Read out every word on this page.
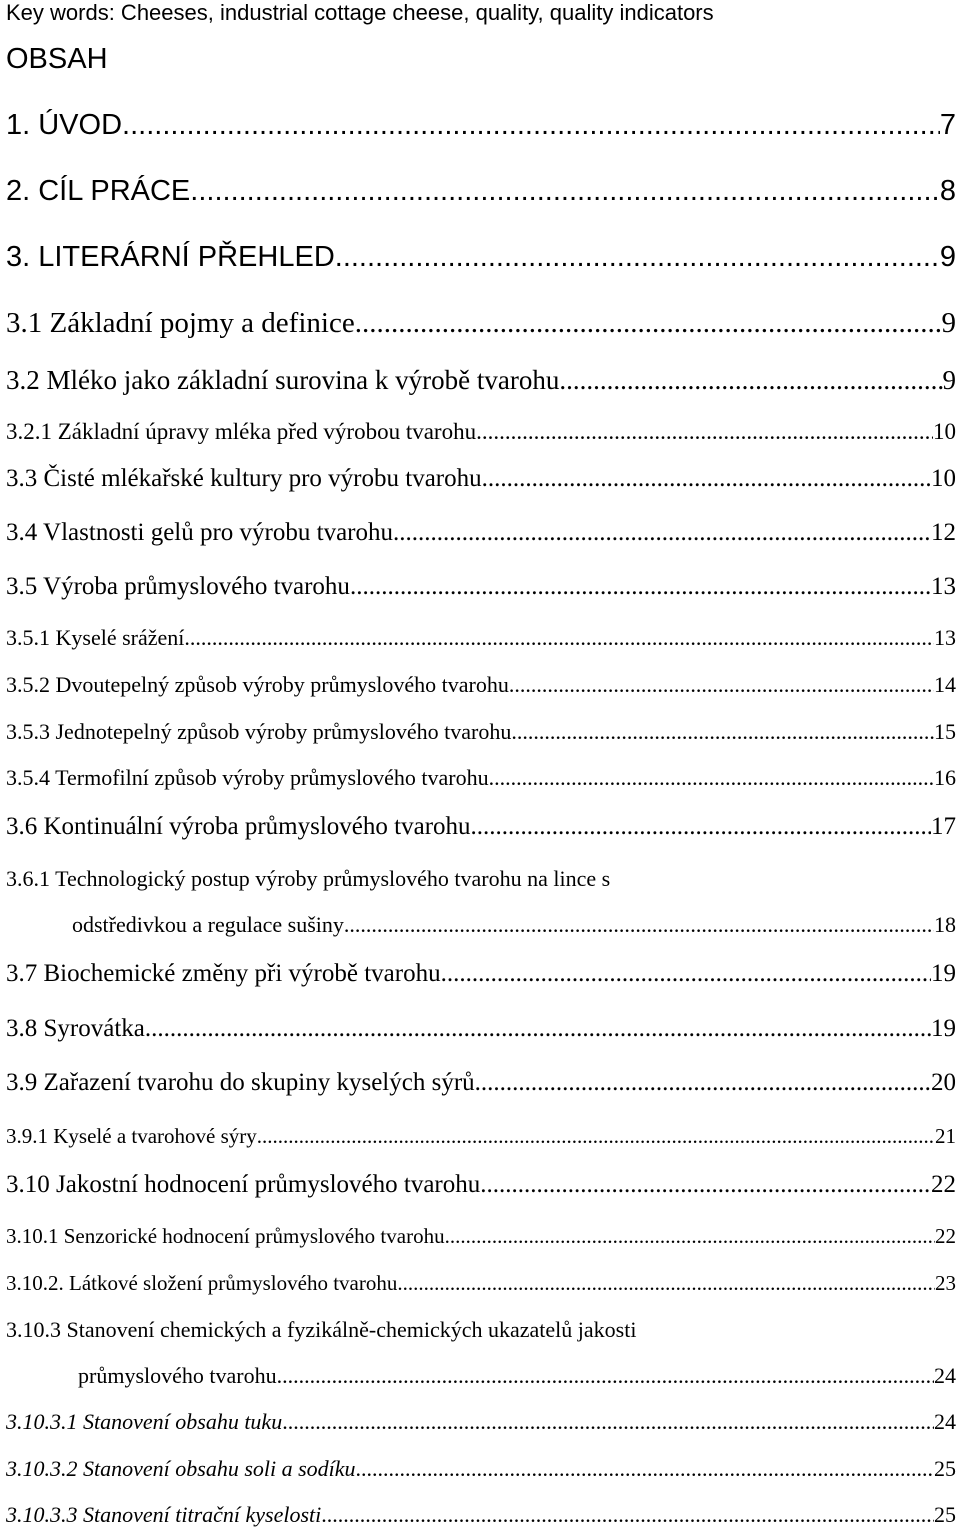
Key words: Cheeses, industrial cottage cheese, quality, quality indicators
OBSAH
1. ÚVOD .....	7
2. CÍL PRÁCE .....	8
3. LITERÁRNÍ PŘEHLED .....	9
3.1 Základní pojmy a definice .....	9
3.2 Mléko jako základní surovina k výrobě tvarohu .....	9
3.2.1 Základní úpravy mléka před výrobou tvarohu .....	10
3.3 Čisté mlékařské kultury pro výrobu tvarohu .....	10
3.4 Vlastnosti gelů pro výrobu tvarohu .....	12
3.5 Výroba průmyslového tvarohu .....	13
3.5.1 Kyselé srážení .....	13
3.5.2 Dvoutepelný způsob výroby průmyslového tvarohu .....	14
3.5.3 Jednotepelný způsob výroby průmyslového tvarohu .....	15
3.5.4 Termofilní způsob výroby průmyslového tvarohu .....	16
3.6 Kontinuální výroba průmyslového tvarohu .....	17
3.6.1 Technologický postup výroby průmyslového tvarohu na lince s
odstředivkou a regulace sušiny .....	18
3.7 Biochemické změny při výrobě tvarohu .....	19
3.8 Syrovátka .....	19
3.9 Zařazení tvarohu do skupiny kyselých sýrů .....	20
3.9.1 Kyselé a tvarohové sýry .....	21
3.10 Jakostní hodnocení průmyslového tvarohu .....	22
3.10.1 Senzorické hodnocení průmyslového tvarohu .....	22
3.10.2. Látkové složení průmyslového tvarohu .....	23
3.10.3 Stanovení chemických a fyzikálně-chemických ukazatelů jakosti
průmyslového tvarohu .....	24
3.10.3.1 Stanovení obsahu tuku .....	24
3.10.3.2 Stanovení obsahu soli a sodíku .....	25
3.10.3.3 Stanovení titrační kyselosti .....	25
